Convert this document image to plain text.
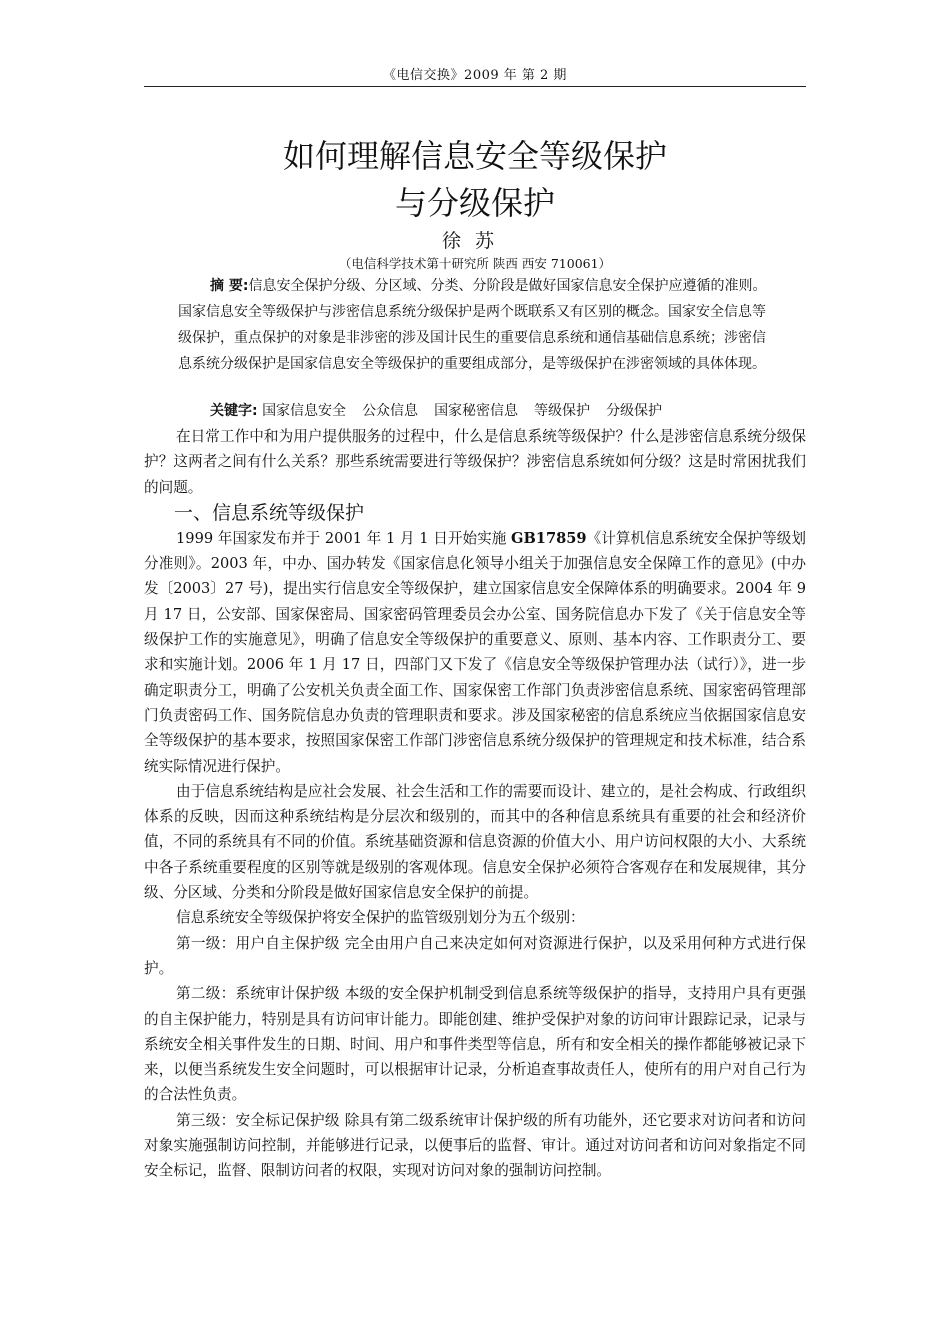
《电信交换》2009 年 第 2 期
如何理解信息安全等级保护
与分级保护
徐苏
（电信科学技术第十研究所 陕西 西安 710061）

摘 要:信息安全保护分级、分区域、分类、分阶段是做好国家信息安全保护应遵循的准则。国家信息安全等级保护与涉密信息系统分级保护是两个既联系又有区别的概念。国家安全信息等级保护，重点保护的对象是非涉密的涉及国计民生的重要信息系统和通信基础信息系统；涉密信息系统分级保护是国家信息安全等级保护的重要组成部分，是等级保护在涉密领域的具体体现。

关键字: 国家信息安全 公众信息 国家秘密信息 等级保护 分级保护

在日常工作中和为用户提供服务的过程中，什么是信息系统等级保护？什么是涉密信息系统分级保护？这两者之间有什么关系？那些系统需要进行等级保护？涉密信息系统如何分级？这是时常困扰我们的问题。

一、信息系统等级保护

1999 年国家发布并于 2001 年 1 月 1 日开始实施 GB17859《计算机信息系统安全保护等级划分准则》。2003 年，中办、国办转发《国家信息化领导小组关于加强信息安全保障工作的意见》(中办发〔2003〕27 号)，提出实行信息安全等级保护，建立国家信息安全保障体系的明确要求。2004 年 9 月 17 日，公安部、国家保密局、国家密码管理委员会办公室、国务院信息办下发了《关于信息安全等级保护工作的实施意见》，明确了信息安全等级保护的重要意义、原则、基本内容、工作职责分工、要求和实施计划。2006 年 1 月 17 日，四部门又下发了《信息安全等级保护管理办法（试行）》，进一步确定职责分工，明确了公安机关负责全面工作、国家保密工作部门负责涉密信息系统、国家密码管理部门负责密码工作、国务院信息办负责的管理职责和要求。涉及国家秘密的信息系统应当依据国家信息安全等级保护的基本要求，按照国家保密工作部门涉密信息系统分级保护的管理规定和技术标准，结合系统实际情况进行保护。

由于信息系统结构是应社会发展、社会生活和工作的需要而设计、建立的，是社会构成、行政组织体系的反映，因而这种系统结构是分层次和级别的，而其中的各种信息系统具有重要的社会和经济价值，不同的系统具有不同的价值。系统基础资源和信息资源的价值大小、用户访问权限的大小、大系统中各子系统重要程度的区别等就是级别的客观体现。信息安全保护必须符合客观存在和发展规律，其分级、分区域、分类和分阶段是做好国家信息安全保护的前提。

信息系统安全等级保护将安全保护的监管级别划分为五个级别：

第一级：用户自主保护级 完全由用户自己来决定如何对资源进行保护，以及采用何种方式进行保护。

第二级：系统审计保护级 本级的安全保护机制受到信息系统等级保护的指导，支持用户具有更强的自主保护能力，特别是具有访问审计能力。即能创建、维护受保护对象的访问审计跟踪记录，记录与系统安全相关事件发生的日期、时间、用户和事件类型等信息，所有和安全相关的操作都能够被记录下来，以便当系统发生安全问题时，可以根据审计记录，分析追查事故责任人，使所有的用户对自己行为的合法性负责。

第三级：安全标记保护级 除具有第二级系统审计保护级的所有功能外，还它要求对访问者和访问对象实施强制访问控制，并能够进行记录，以便事后的监督、审计。通过对访问者和访问对象指定不同安全标记，监督、限制访问者的权限，实现对访问对象的强制访问控制。
